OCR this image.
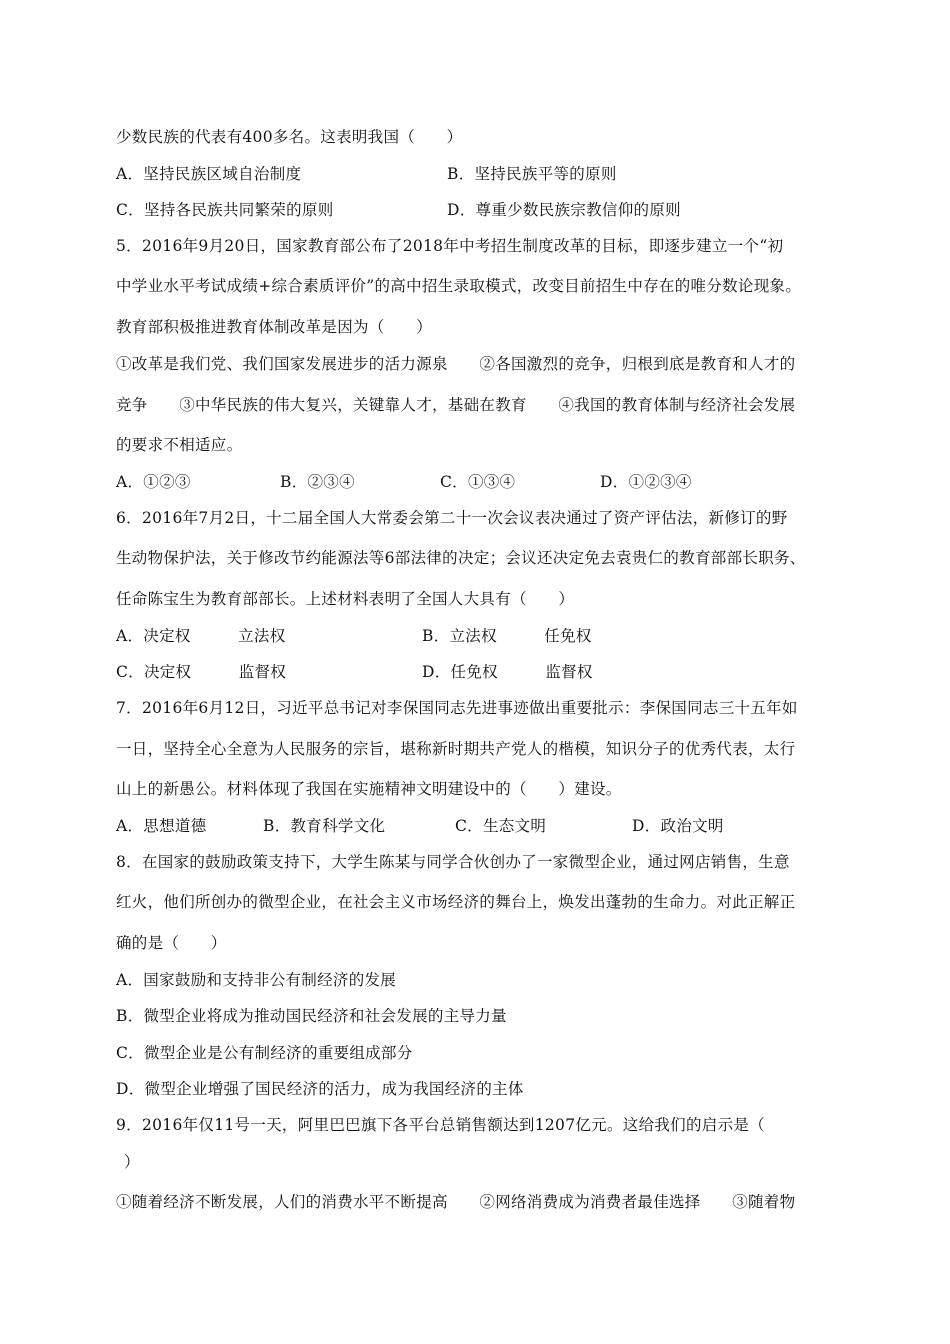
少数民族的代表有400多名。这表明我国（　　）
A．坚持民族区域自治制度	B．坚持民族平等的原则
C．坚持各民族共同繁荣的原则	D．尊重少数民族宗教信仰的原则
5．2016年9月20日，国家教育部公布了2018年中考招生制度改革的目标，即逐步建立一个“初
中学业水平考试成绩+综合素质评价”的高中招生录取模式，改变目前招生中存在的唯分数论现象。
教育部积极推进教育体制改革是因为（　　）
①改革是我们党、我们国家发展进步的活力源泉　　②各国激烈的竞争，归根到底是教育和人才的
竞争　　③中华民族的伟大复兴，关键靠人才，基础在教育　　④我国的教育体制与经济社会发展
的要求不相适应。
A．①②③	B．②③④	C．①③④	D．①②③④
6．2016年7月2日，十二届全国人大常委会第二十一次会议表决通过了资产评估法，新修订的野
生动物保护法，关于修改节约能源法等6部法律的决定；会议还决定免去袁贵仁的教育部部长职务、
任命陈宝生为教育部部长。上述材料表明了全国人大具有（　　）
A．决定权　　　立法权	B．立法权　　　任免权
C．决定权　　　监督权	D．任免权　　　监督权
7．2016年6月12日，习近平总书记对李保国同志先进事迹做出重要批示：李保国同志三十五年如
一日，坚持全心全意为人民服务的宗旨，堪称新时期共产党人的楷模，知识分子的优秀代表，太行
山上的新愚公。材料体现了我国在实施精神文明建设中的（　　）建设。
A．思想道德	B．教育科学文化	C．生态文明	D．政治文明
8．在国家的鼓励政策支持下，大学生陈某与同学合伙创办了一家微型企业，通过网店销售，生意
红火，他们所创办的微型企业，在社会主义市场经济的舞台上，焕发出蓬勃的生命力。对此正解正
确的是（　　）
A．国家鼓励和支持非公有制经济的发展
B．微型企业将成为推动国民经济和社会发展的主导力量
C．微型企业是公有制经济的重要组成部分
D．微型企业增强了国民经济的活力，成为我国经济的主体
9．2016年仅11号一天，阿里巴巴旗下各平台总销售额达到1207亿元。这给我们的启示是（
）
①随着经济不断发展，人们的消费水平不断提高　　②网络消费成为消费者最佳选择　　③随着物
